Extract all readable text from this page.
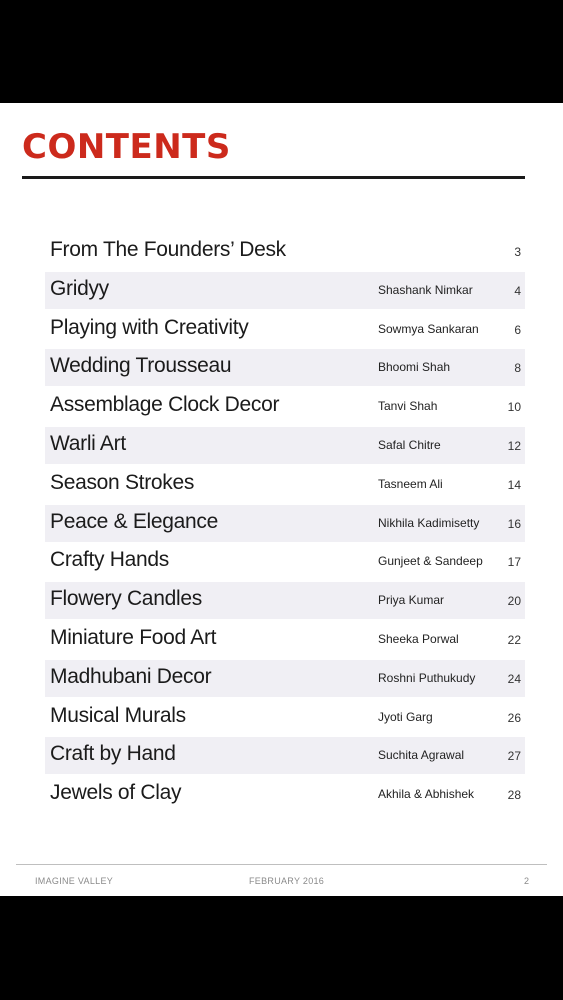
CONTENTS
From The Founders’ Desk	3
Gridyy	Shashank Nimkar	4
Playing with Creativity	Sowmya Sankaran	6
Wedding Trousseau	Bhoomi Shah	8
Assemblage Clock Decor	Tanvi Shah	10
Warli Art	Safal Chitre	12
Season Strokes	Tasneem Ali	14
Peace & Elegance	Nikhila Kadimisetty 16
Crafty Hands	Gunjeet & Sandeep 17
Flowery Candles	Priya Kumar	20
Miniature Food Art	Sheeka Porwal	22
Madhubani Decor	Roshni Puthukudy	24
Musical Murals	Jyoti Garg	26
Craft by Hand	Suchita Agrawal	27
Jewels of Clay	Akhila & Abhishek	28
IMAGINE VALLEY	FEBRUARY 2016	2
